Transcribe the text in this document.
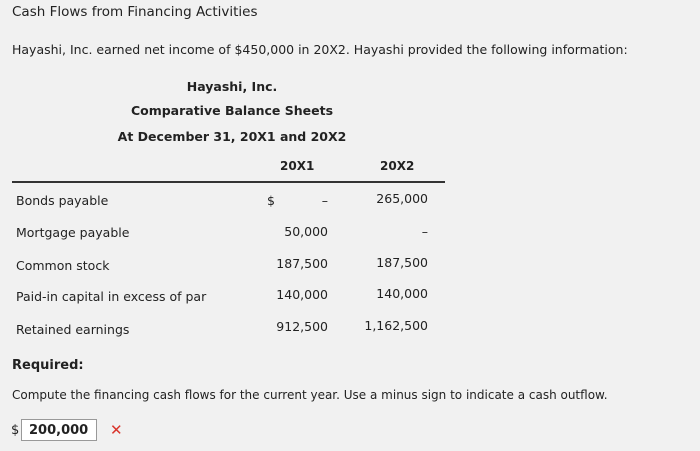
Cash Flows from Financing Activities
Hayashi, Inc. earned net income of $450,000 in 20X2. Hayashi provided the following information:
Hayashi, Inc.
Comparative Balance Sheets
At December 31, 20X1 and 20X2
20X1	20X2
Bonds payable	$	–	265,000
Mortgage payable	50,000	–
Common stock	187,500	187,500
Paid-in capital in excess of par	140,000	140,000
Retained earnings	912,500	1,162,500
Required:
Compute the financing cash flows for the current year. Use a minus sign to indicate a cash outflow.
$ 200,000	✕
